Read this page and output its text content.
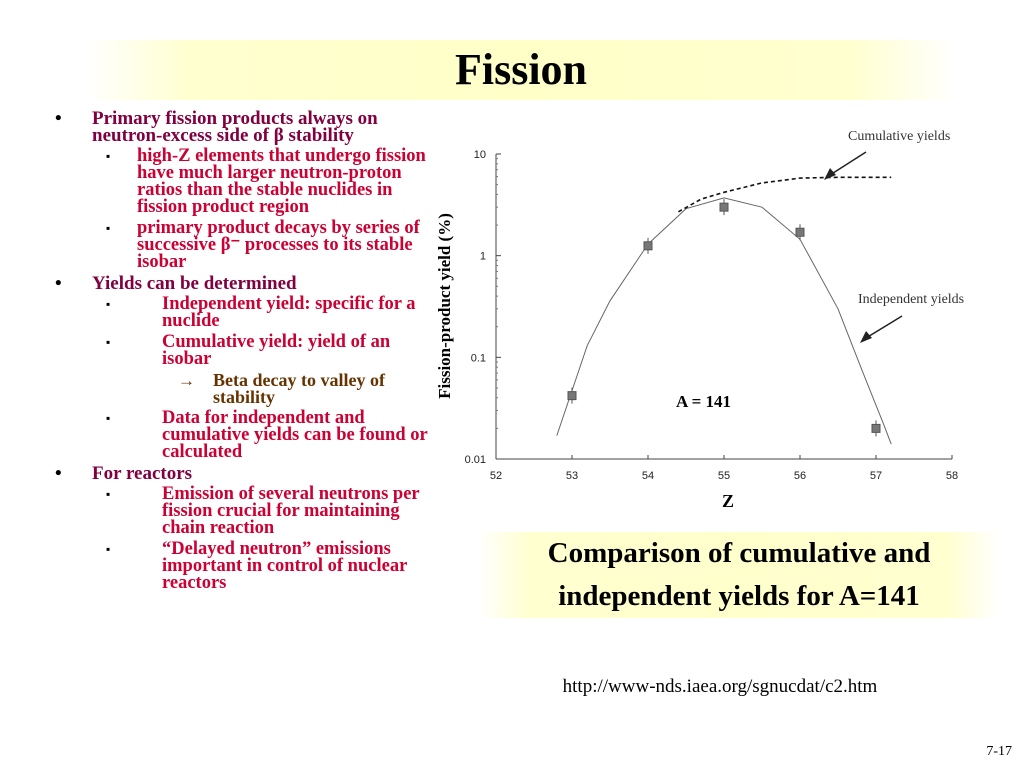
Fission
• Primary fission products always on neutron-excess side of β stability
▪ high-Z elements that undergo fission have much larger neutron-proton ratios than the stable nuclides in fission product region
▪ primary product decays by series of successive β⁻ processes to its stable isobar
• Yields can be determined
▪	Independent yield: specific for a nuclide
▪	Cumulative yield: yield of an isobar
→ Beta decay to valley of stability
▪	Data for independent and cumulative yields can be found or calculated
• For reactors
▪	Emission of several neutrons per fission crucial for maintaining chain reaction
▪	“Delayed neutron” emissions important in control of nuclear reactors
52	53	54	55	56	57	58
10
1
0.1
0.01
Fission-product yield (%)
Z
A = 141
Cumulative yields
Independent yields
Comparison of cumulative and independent yields for A=141
http://www-nds.iaea.org/sgnucdat/c2.htm
7-17
